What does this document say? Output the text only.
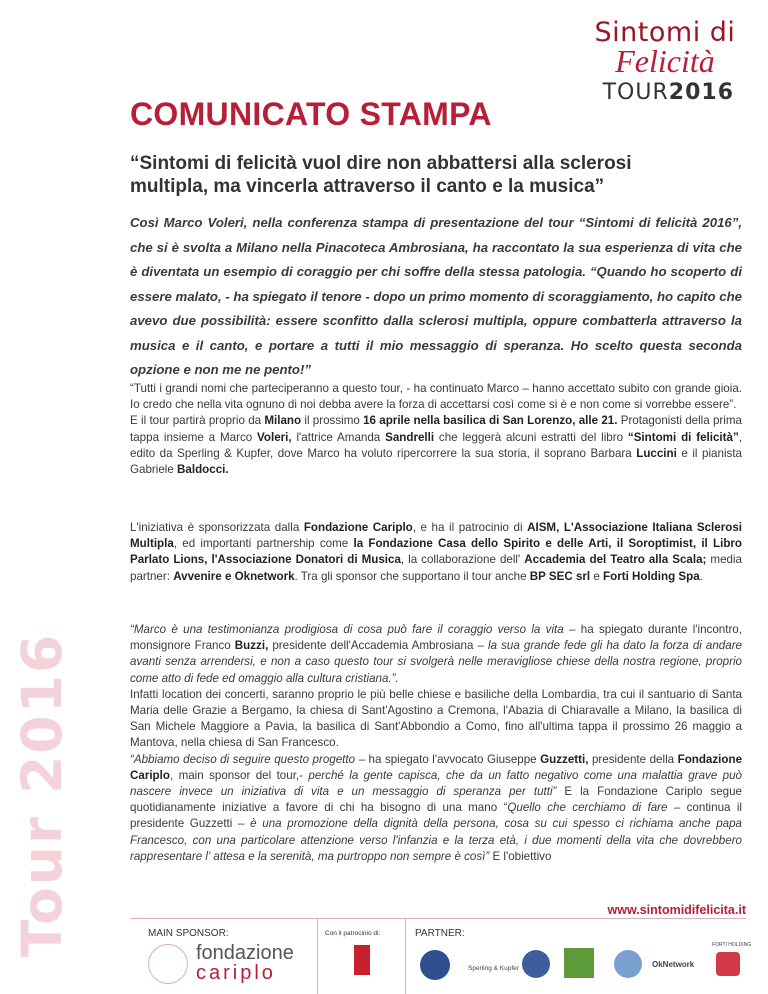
Sintomi di
Felicità
TOUR2016
COMUNICATO STAMPA
“Sintomi di felicità vuol dire non abbattersi alla sclerosi multipla, ma vincerla attraverso il canto e la musica”
Così Marco Voleri, nella conferenza stampa di presentazione del tour “Sintomi di felicità 2016”, che si è svolta a Milano nella Pinacoteca Ambrosiana, ha raccontato la sua esperienza di vita che è diventata un esempio di coraggio per chi soffre della stessa patologia. “Quando ho scoperto di essere malato, - ha spiegato il tenore - dopo un primo momento di scoraggiamento, ho capito che avevo due possibilità: essere sconfitto dalla sclerosi multipla, oppure combatterla attraverso la musica e il canto, e portare a tutti il mio messaggio di speranza. Ho scelto questa seconda opzione e non me ne pento!”

“Tutti i grandi nomi che parteciperanno a questo tour, - ha continuato Marco – hanno accettato subito con grande gioia. Io credo che nella vita ognuno di noi debba avere la forza di accettarsi così come si è e non come si vorrebbe essere”.

E il tour partirà proprio da Milano il prossimo 16 aprile nella basilica di San Lorenzo, alle 21. Protagonisti della prima tappa insieme a Marco Voleri, l'attrice Amanda Sandrelli che leggerà alcuni estratti del libro “Sintomi di felicità”, edito da Sperling & Kupfer, dove Marco ha voluto ripercorrere la sua storia, il soprano Barbara Luccini e il pianista Gabriele Baldocci.

L'iniziativa è sponsorizzata dalla Fondazione Cariplo, e ha il patrocinio di AISM, L'Associazione Italiana Sclerosi Multipla, ed importanti partnership come la Fondazione Casa dello Spirito e delle Arti, il Soroptimist, il Libro Parlato Lions, l'Associazione Donatori di Musica, la collaborazione dell' Accademia del Teatro alla Scala; media partner: Avvenire e Oknetwork. Tra gli sponsor che supportano il tour anche BP SEC srl e Forti Holding Spa.

“Marco è una testimonianza prodigiosa di cosa può fare il coraggio verso la vita – ha spiegato durante l'incontro, monsignore Franco Buzzi, presidente dell'Accademia Ambrosiana – la sua grande fede gli ha dato la forza di andare avanti senza arrendersi, e non a caso questo tour si svolgerà nelle meravigliose chiese della nostra regione, proprio come atto di fede ed omaggio alla cultura cristiana.”.

Infatti location dei concerti, saranno proprio le più belle chiese e basiliche della Lombardia, tra cui il santuario di Santa Maria delle Grazie a Bergamo, la chiesa di Sant'Agostino a Cremona, l'Abazia di Chiaravalle a Milano, la basilica di San Michele Maggiore a Pavia, la basilica di Sant'Abbondio a Como, fino all'ultima tappa il prossimo 26 maggio a Mantova, nella chiesa di San Francesco.

“Abbiamo deciso di seguire questo progetto – ha spiegato l'avvocato Giuseppe Guzzetti, presidente della Fondazione Cariplo, main sponsor del tour,- perché la gente capisca, che da un fatto negativo come una malattia grave può nascere invece un iniziativa di vita e un messaggio di speranza per tutti” E la Fondazione Cariplo segue quotidianamente iniziative a favore di chi ha bisogno di una mano “Quello che cerchiamo di fare – continua il presidente Guzzetti – è una promozione della dignità della persona, cosa su cui spesso ci richiama anche papa Francesco, con una particolare attenzione verso l'infanzia e la terza età, i due momenti della vita che dovrebbero rappresentare l' attesa e la serenità, ma purtroppo non sempre è così” E l'obiettivo

Tour 2016	www.sintomidifelicita.it
MAIN SPONSOR:	Con il patrocinio di:	PARTNER:
fondazione
cariplo	Sperling & Kupfer	OkNetwork
FORTI HOLDING
